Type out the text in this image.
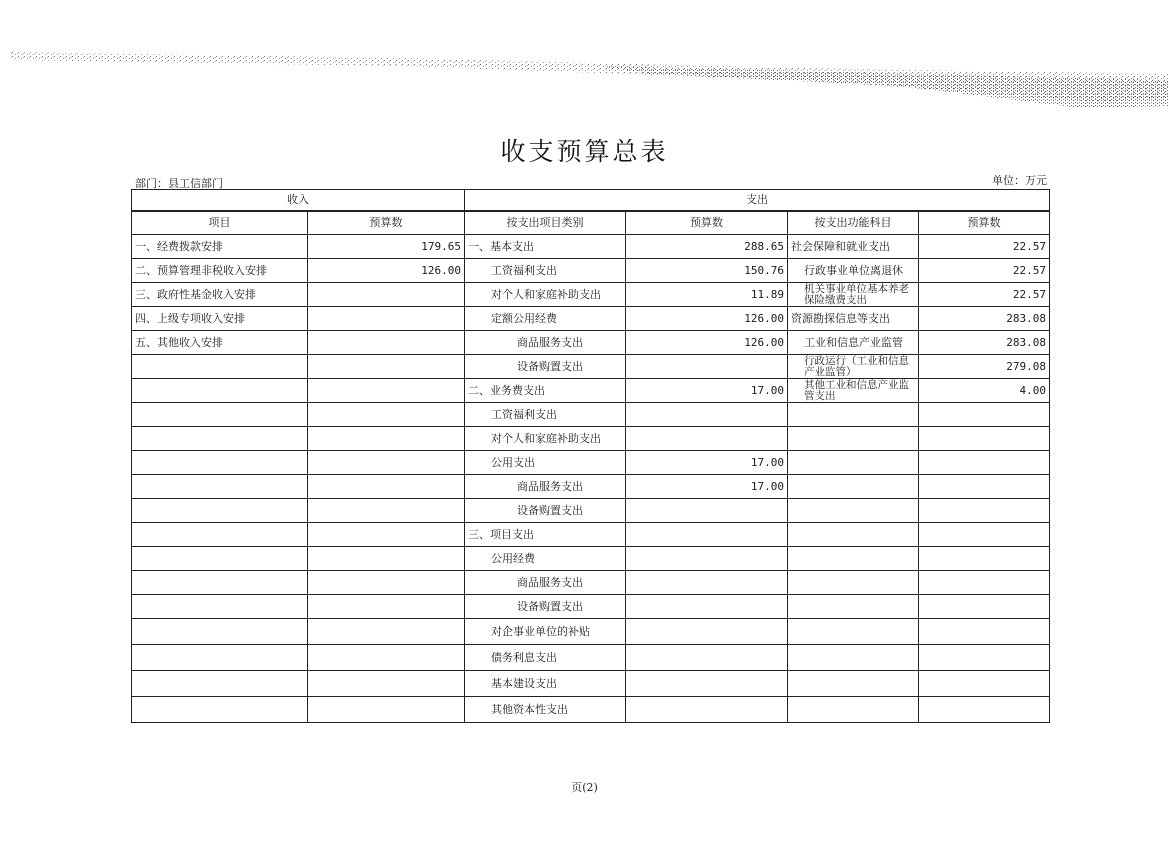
收支预算总表
部门：县工信部门	单位：万元
收入		支出			
项目	预算数	按支出项目类别	预算数	按支出功能科目	预算数
一、经费拨款安排	179.65	一、基本支出	288.65	社会保障和就业支出	22.57
二、预算管理非税收入安排	126.00	工资福利支出	150.76	行政事业单位离退休	22.57
三、政府性基金收入安排		对个人和家庭补助支出	11.89	机关事业单位基本养老保险缴费支出	22.57
四、上级专项收入安排		定额公用经费	126.00	资源勘探信息等支出	283.08
五、其他收入安排		商品服务支出	126.00	工业和信息产业监管	283.08
		设备购置支出		行政运行（工业和信息产业监管）	279.08
		二、业务费支出	17.00	其他工业和信息产业监管支出	4.00
		工资福利支出			
		对个人和家庭补助支出			
		公用支出	17.00		
		商品服务支出	17.00		
		设备购置支出			
		三、项目支出			
		公用经费			
		商品服务支出			
		设备购置支出			
		对企事业单位的补贴			
		债务利息支出			
		基本建设支出			
		其他资本性支出			
页(2)
